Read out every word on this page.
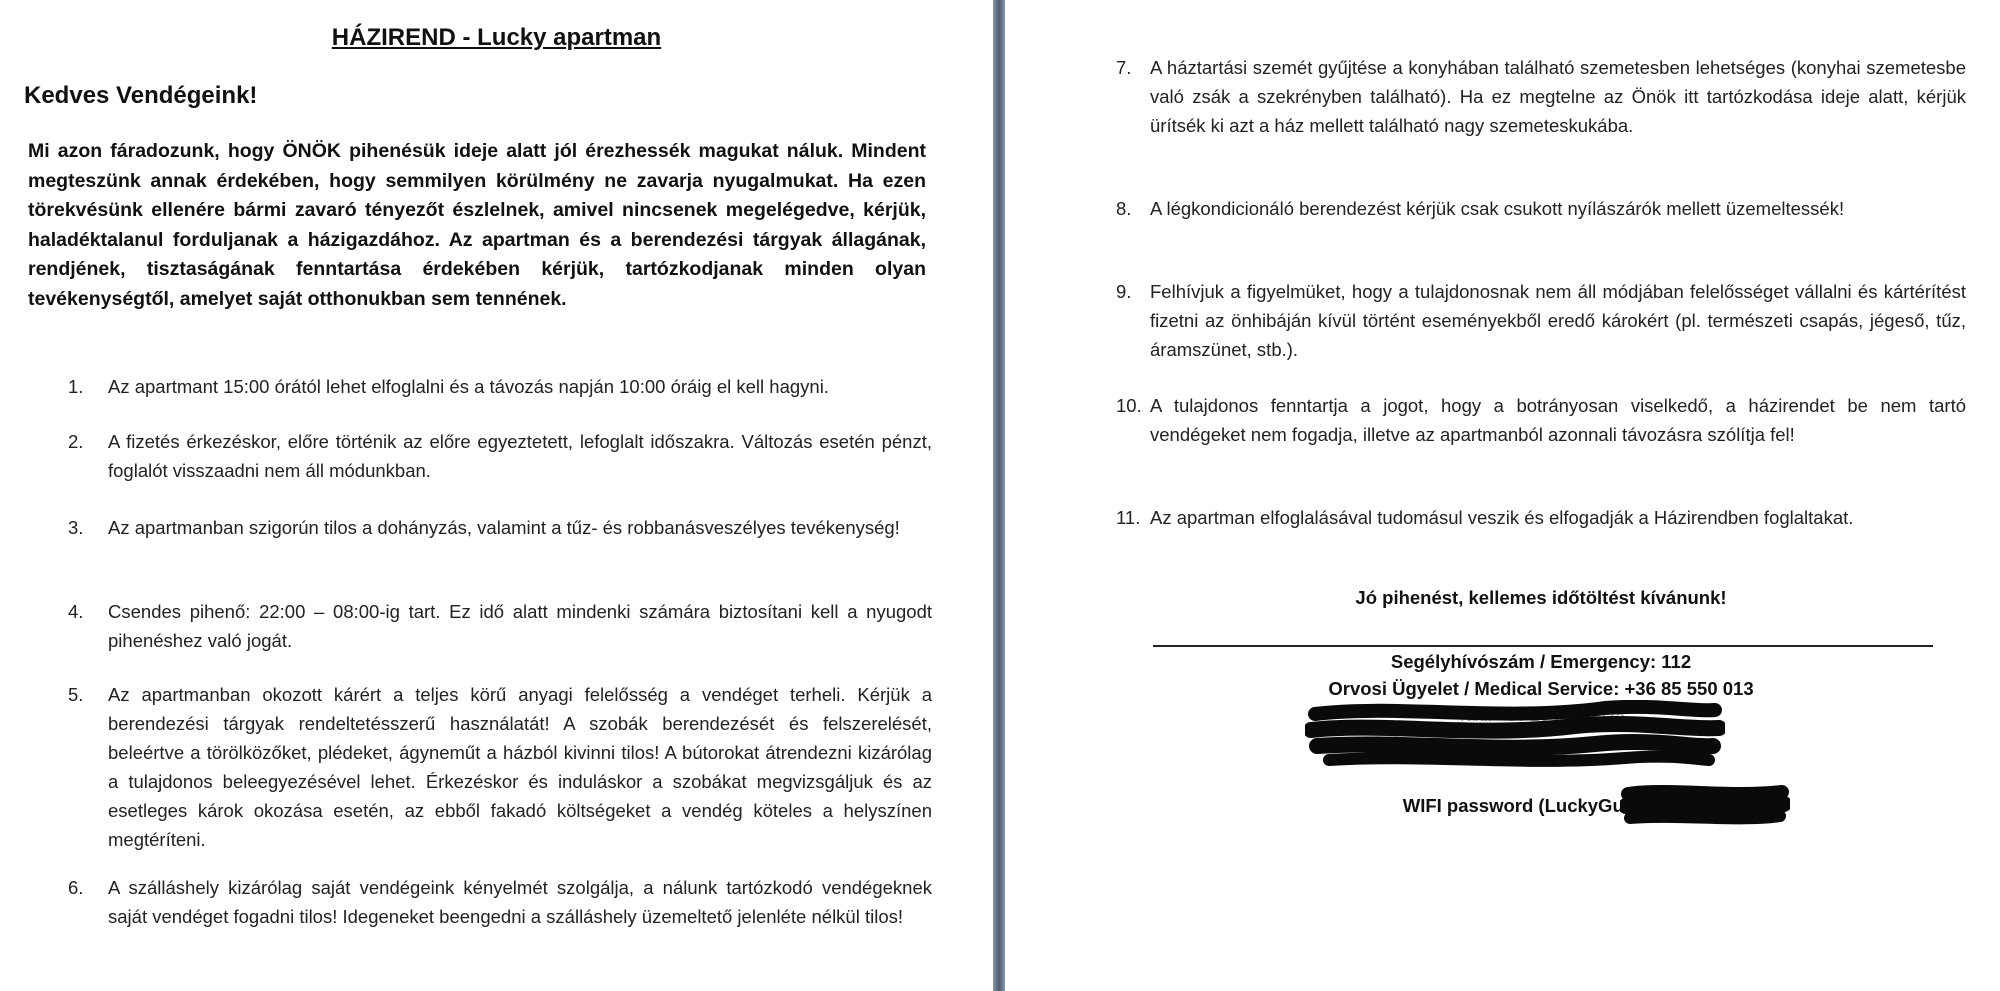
HÁZIREND - Lucky apartman
Kedves Vendégeink!

Mi azon fáradozunk, hogy ÖNÖK pihenésük ideje alatt jól érezhessék magukat náluk. Mindent megteszünk annak érdekében, hogy semmilyen körülmény ne zavarja nyugalmukat. Ha ezen törekvésünk ellenére bármi zavaró tényezőt észlelnek, amivel nincsenek megelégedve, kérjük, haladéktalanul forduljanak a házigazdához. Az apartman és a berendezési tárgyak állagának, rendjének, tisztaságának fenntartása érdekében kérjük, tartózkodjanak minden olyan tevékenységtől, amelyet saját otthonukban sem tennének.

1. Az apartmant 15:00 órától lehet elfoglalni és a távozás napján 10:00 óráig el kell hagyni.
2. A fizetés érkezéskor, előre történik az előre egyeztetett, lefoglalt időszakra. Változás esetén pénzt, foglalót visszaadni nem áll módunkban.
3. Az apartmanban szigorún tilos a dohányzás, valamint a tűz- és robbanásveszélyes tevékenység!
4. Csendes pihenő: 22:00 – 08:00-ig tart. Ez idő alatt mindenki számára biztosítani kell a nyugodt pihenéshez való jogát.
5. Az apartmanban okozott kárért a teljes körű anyagi felelősség a vendéget terheli. Kérjük a berendezési tárgyak rendeltetésszerű használatát! A szobák berendezését és felszerelését, beleértve a törölközőket, plédeket, ágyneműt a házból kivinni tilos! A bútorokat átrendezni kizárólag a tulajdonos beleegyezésével lehet. Érkezéskor és induláskor a szobákat megvizsgáljuk és az esetleges károk okozása esetén, az ebből fakadó költségeket a vendég köteles a helyszínen megtéríteni.
6. A szálláshely kizárólag saját vendégeink kényelmét szolgálja, a nálunk tartózkodó vendégeknek saját vendéget fogadni tilos! Idegeneket beengedni a szálláshely üzemeltető jelenléte nélkül tilos!
7. A háztartási szemét gyűjtése a konyhában található szemetesben lehetséges (konyhai szemetesbe való zsák a szekrényben található). Ha ez megtelne az Önök itt tartózkodása ideje alatt, kérjük ürítsék ki azt a ház mellett található nagy szemeteskukába.
8. A légkondicionáló berendezést kérjük csak csukott nyílászárók mellett üzemeltessék!
9. Felhívjuk a figyelmüket, hogy a tulajdonosnak nem áll módjában felelősséget vállalni és kártérítést fizetni az önhibáján kívül történt eseményekből eredő károkért (pl. természeti csapás, jégeső, tűz, áramszünet, stb.).
10. A tulajdonos fenntartja a jogot, hogy a botrányosan viselkedő, a házirendet be nem tartó vendégeket nem fogadja, illetve az apartmanból azonnali távozásra szólítja fel!
11. Az apartman elfoglalásával tudomásul veszik és elfogadják a Házirendben foglaltakat.
Jó pihenést, kellemes időtöltést kívánunk!
Segélyhívószám / Emergency: 112
Orvosi Ügyelet / Medical Service: +36 85 550 013
Taxi: +36 20 560 6625
WIFI password (LuckyGuest): L
